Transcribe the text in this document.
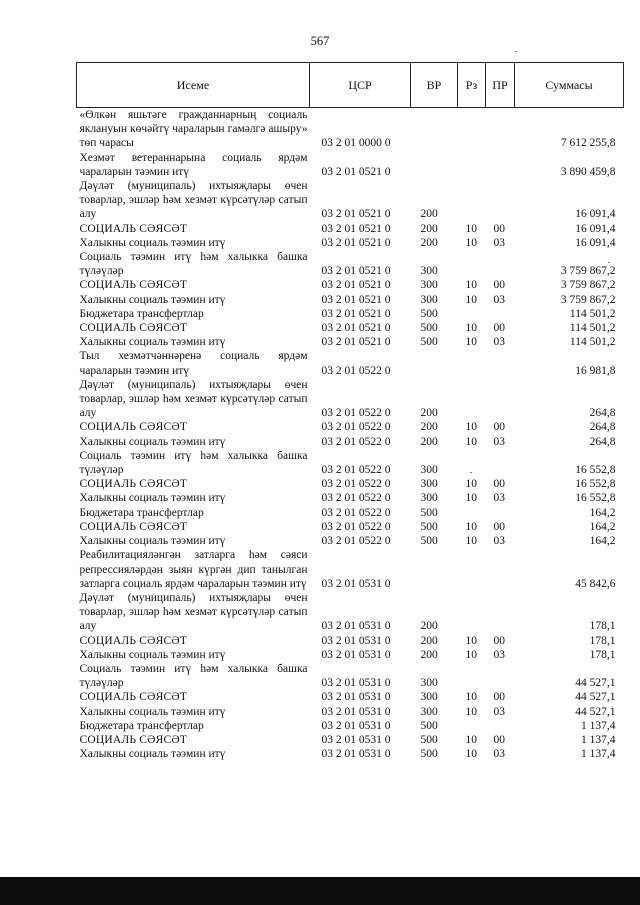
567
Исеме	ЦСР	ВР	Рз	ПР	Суммасы
«Өлкән яшьтәге гражданнарның социаль яклануын көчәйтү чараларын гамәлгә ашыру» төп чарасы	03 2 01 0000 0				7 612 255,8
Хезмәт ветераннарына социаль ярдәм чараларын тәэмин итү	03 2 01 0521 0				3 890 459,8
Дәүләт (муниципаль) ихтыяҗлары өчен товарлар, эшләр һәм хезмәт күрсәтүләр сатып алу	03 2 01 0521 0	200			16 091,4
СОЦИАЛЬ СӘЯСӘТ	03 2 01 0521 0	200	10	00	16 091,4
Халыкны социаль тәэмин итү	03 2 01 0521 0	200	10	03	16 091,4
Социаль тәэмин итү һәм халыкка башка түләүләр	03 2 01 0521 0	300			3 759 867,2
СОЦИАЛЬ СӘЯСӘТ	03 2 01 0521 0	300	10	00	3 759 867,2
Халыкны социаль тәэмин итү	03 2 01 0521 0	300	10	03	3 759 867,2
Бюджетара трансфертлар	03 2 01 0521 0	500			114 501,2
СОЦИАЛЬ СӘЯСӘТ	03 2 01 0521 0	500	10	00	114 501,2
Халыкны социаль тәэмин итү	03 2 01 0521 0	500	10	03	114 501,2
Тыл хезмәтчәннәренә социаль ярдәм чараларын тәэмин итү	03 2 01 0522 0				16 981,8
Дәүләт (муниципаль) ихтыяҗлары өчен товарлар, эшләр һәм хезмәт күрсәтүләр сатып алу	03 2 01 0522 0	200			264,8
СОЦИАЛЬ СӘЯСӘТ	03 2 01 0522 0	200	10	00	264,8
Халыкны социаль тәэмин итү	03 2 01 0522 0	200	10	03	264,8
Социаль тәэмин итү һәм халыкка башка түләүләр	03 2 01 0522 0	300			16 552,8
СОЦИАЛЬ СӘЯСӘТ	03 2 01 0522 0	300	10	00	16 552,8
Халыкны социаль тәэмин итү	03 2 01 0522 0	300	10	03	16 552,8
Бюджетара трансфертлар	03 2 01 0522 0	500			164,2
СОЦИАЛЬ СӘЯСӘТ	03 2 01 0522 0	500	10	00	164,2
Халыкны социаль тәэмин итү	03 2 01 0522 0	500	10	03	164,2
Реабилитацияләнгән затларга һәм сәяси репрессияләрдән зыян күргән дип танылган затларга социаль ярдәм чараларын тәэмин итү	03 2 01 0531 0				45 842,6
Дәүләт (муниципаль) ихтыяҗлары өчен товарлар, эшләр һәм хезмәт күрсәтүләр сатып алу	03 2 01 0531 0	200			178,1
СОЦИАЛЬ СӘЯСӘТ	03 2 01 0531 0	200	10	00	178,1
Халыкны социаль тәэмин итү	03 2 01 0531 0	200	10	03	178,1
Социаль тәэмин итү һәм халыкка башка түләүләр	03 2 01 0531 0	300			44 527,1
СОЦИАЛЬ СӘЯСӘТ	03 2 01 0531 0	300	10	00	44 527,1
Халыкны социаль тәэмин итү	03 2 01 0531 0	300	10	03	44 527,1
Бюджетара трансфертлар	03 2 01 0531 0	500			1 137,4
СОЦИАЛЬ СӘЯСӘТ	03 2 01 0531 0	500	10	00	1 137,4
Халыкны социаль тәэмин итү	03 2 01 0531 0	500	10	03	1 137,4
